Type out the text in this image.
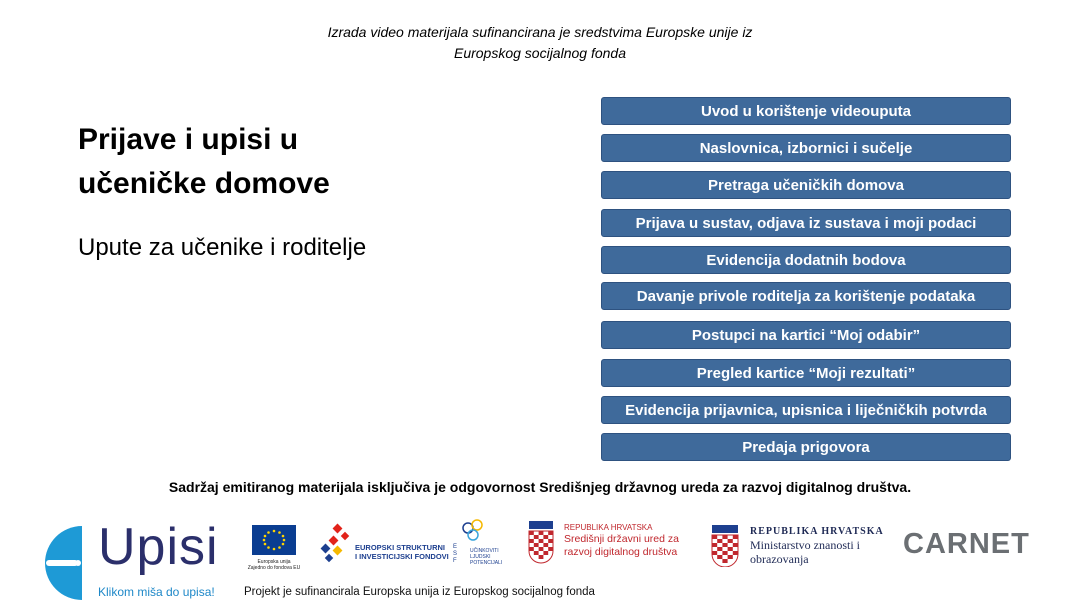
Izrada video materijala sufinancirana je sredstvima Europske unije iz
Europskog socijalnog fonda
Prijave i upisi u
učeničke domove
Upute za učenike i roditelje
Uvod u korištenje videouputa
Naslovnica, izbornici i sučelje
Pretraga učeničkih domova
Prijava u sustav, odjava iz sustava i moji podaci
Evidencija dodatnih bodova
Davanje privole roditelja za korištenje podataka
Postupci na kartici “Moj odabir”
Pregled kartice “Moji rezultati”
Evidencija prijavnica, upisnica i liječničkih potvrda
Predaja prigovora
Sadržaj emitiranog materijala isključiva je odgovornost Središnjeg državnog ureda za razvoj digitalnog društva.
Upisi
Klikom miša do upisa!
Europska unija
Zajedno do fondova EU
EUROPSKI STRUKTURNI
I INVESTICIJSKI FONDOVI
E
S
F
UČINKOVITI
LJUDSKI
POTENCIJALI
REPUBLIKA HRVATSKA
Središnji državni ured za
razvoj digitalnog društva
REPUBLIKA HRVATSKA
Ministarstvo znanosti i
obrazovanja	CARNET
Projekt je sufinancirala Europska unija iz Europskog socijalnog fonda
